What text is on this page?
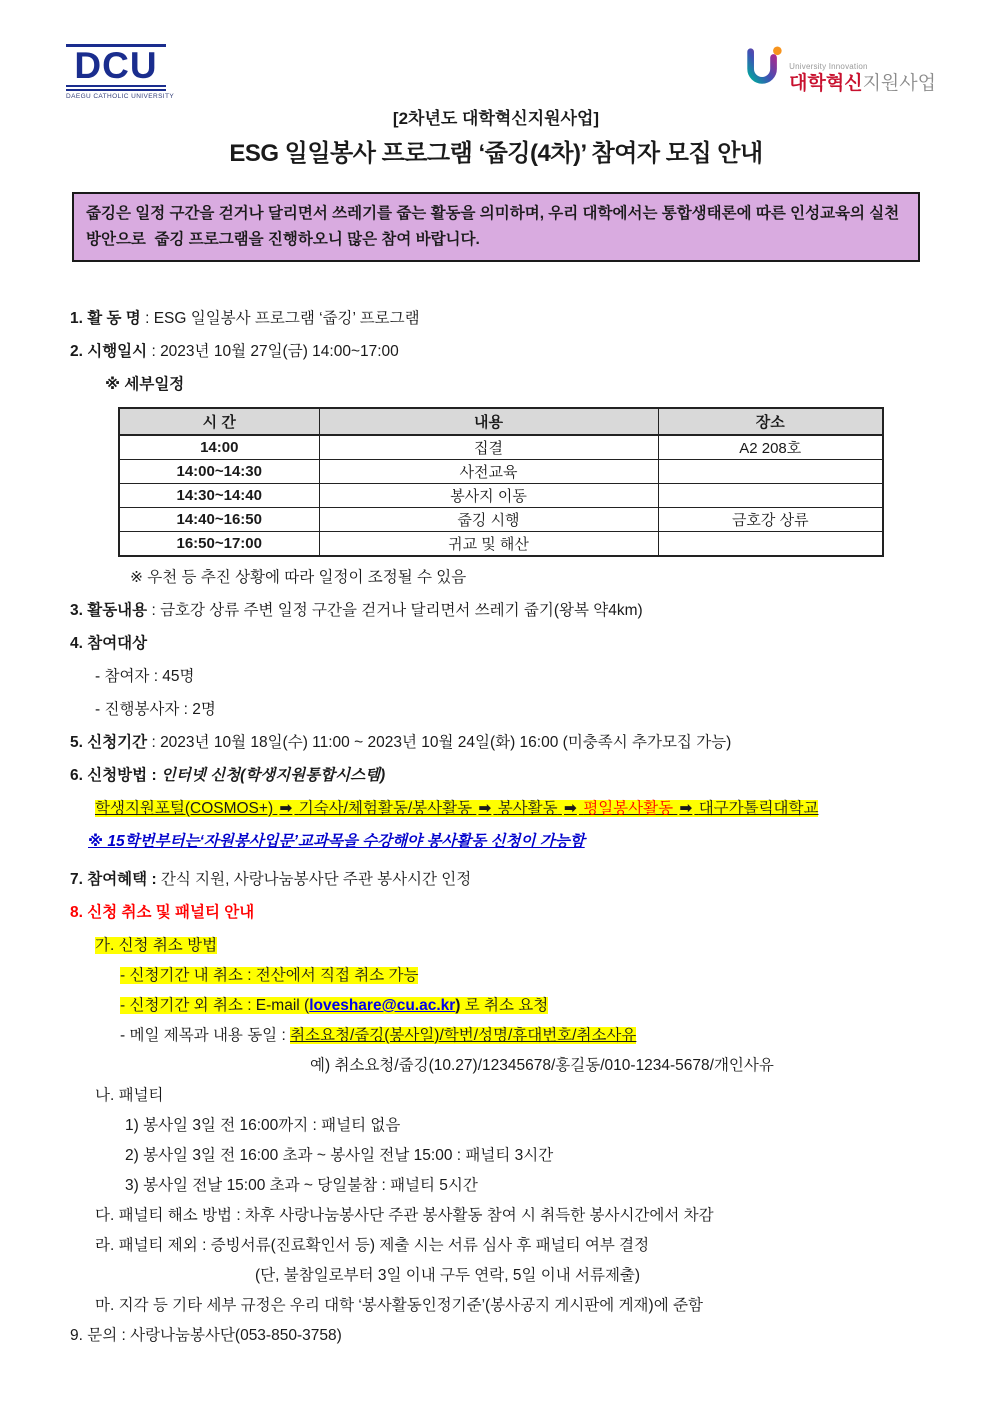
DCU
DAEGU CATHOLIC UNIVERSITY
University Innovation
대학혁신지원사업
[2차년도 대학혁신지원사업]
ESG 일일봉사 프로그램 ‘줍깅(4차)’ 참여자 모집 안내
줍깅은 일정 구간을 걷거나 달리면서 쓰레기를 줍는 활동을 의미하며, 우리 대학에서는 통합생태론에 따른 인성교육의 실천방안으로  줍깅 프로그램을 진행하오니 많은 참여 바랍니다.
1. 활 동 명 : ESG 일일봉사 프로그램 ‘줍깅’ 프로그램
2. 시행일시 : 2023년 10월 27일(금) 14:00~17:00
※ 세부일정
시 간	내용	장소
14:00	집결	A2 208호
14:00~14:30	사전교육	
14:30~14:40	봉사지 이동	
14:40~16:50	줍깅 시행	금호강 상류
16:50~17:00	귀교 및 해산	
※ 우천 등 추진 상황에 따라 일정이 조정될 수 있음
3. 활동내용 : 금호강 상류 주변 일정 구간을 걷거나 달리면서 쓰레기 줍기(왕복 약4km)
4. 참여대상
- 참여자 : 45명
- 진행봉사자 : 2명
5. 신청기간 : 2023년 10월 18일(수) 11:00 ~ 2023년 10월 24일(화) 16:00 (미충족시 추가모집 가능)
6. 신청방법 : 인터넷 신청(학생지원통합시스템)
학생지원포털(COSMOS+) ➡ 기숙사/체험활동/봉사활동 ➡ 봉사활동 ➡ 평일봉사활동 ➡ 대구가톨릭대학교
※ 15학번부터는‘자원봉사입문’교과목을 수강해야 봉사활동 신청이 가능함
7. 참여혜택 : 간식 지원, 사랑나눔봉사단 주관 봉사시간 인정
8. 신청 취소 및 패널티 안내
가. 신청 취소 방법
- 신청기간 내 취소 : 전산에서 직접 취소 가능
- 신청기간 외 취소 : E-mail (loveshare@cu.ac.kr) 로 취소 요청
- 메일 제목과 내용 동일 : 취소요청/줍깅(봉사일)/학번/성명/휴대번호/취소사유
예) 취소요청/줍깅(10.27)/12345678/홍길동/010-1234-5678/개인사유
나. 패널티
1) 봉사일 3일 전 16:00까지 : 패널티 없음
2) 봉사일 3일 전 16:00 초과 ~ 봉사일 전날 15:00 : 패널티 3시간
3) 봉사일 전날 15:00 초과 ~ 당일불참 : 패널티 5시간
다. 패널티 해소 방법 : 차후 사랑나눔봉사단 주관 봉사활동 참여 시 취득한 봉사시간에서 차감
라. 패널티 제외 : 증빙서류(진료확인서 등) 제출 시는 서류 심사 후 패널티 여부 결정
(단, 불참일로부터 3일 이내 구두 연락, 5일 이내 서류제출)
마. 지각 등 기타 세부 규정은 우리 대학 ‘봉사활동인정기준’(봉사공지 게시판에 게재)에 준함
9. 문의 : 사랑나눔봉사단(053-850-3758)
